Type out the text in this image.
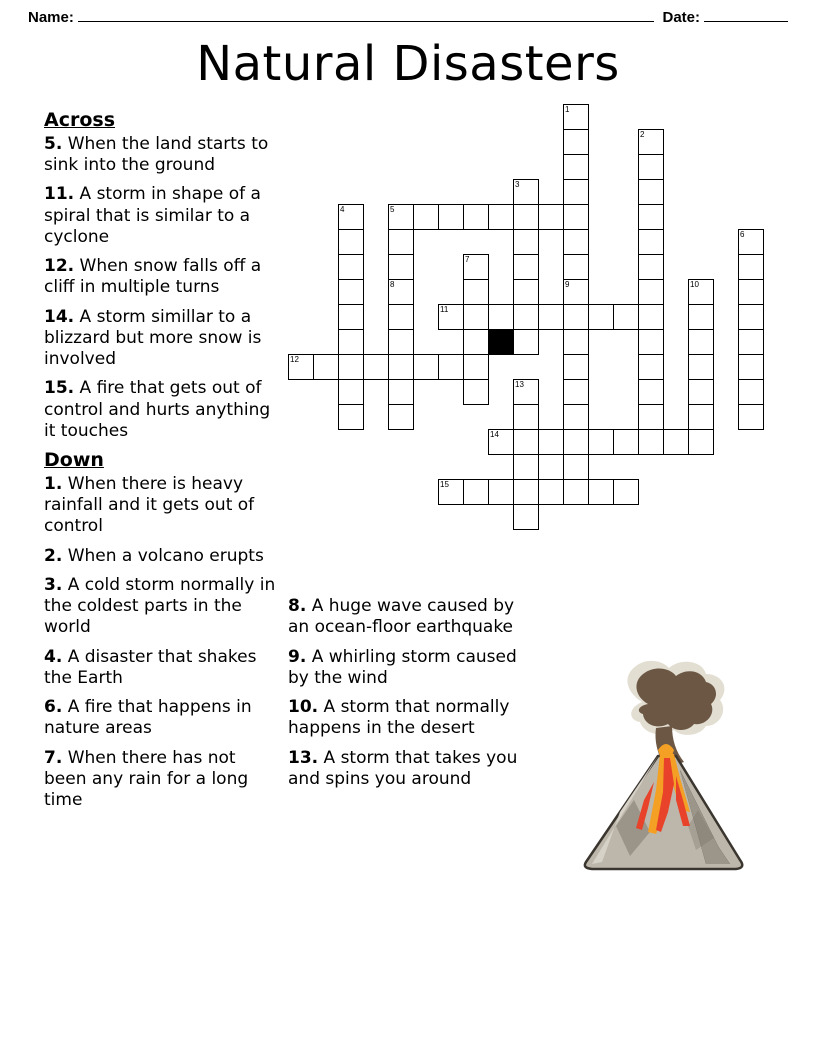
Name:	Date:
Natural Disasters
Across

5. When the land starts to sink into the ground

11. A storm in shape of a spiral that is similar to a cyclone

12. When snow falls off a cliff in multiple turns

14. A storm simillar to a blizzard but more snow is involved

15. A fire that gets out of control and hurts anything it touches

Down

1. When there is heavy rainfall and it gets out of control

2. When a volcano erupts

3. A cold storm normally in the coldest parts in the world

4. A disaster that shakes the Earth

6. A fire that happens in nature areas

7. When there has not been any rain for a long time

8. A huge wave caused by an ocean-floor earthquake

9. A whirling storm caused by the wind

10. A storm that normally happens in the desert

13. A storm that takes you and spins you around

1
2
3
4	5
6
7
8	9	10
11
12
13
14
15
